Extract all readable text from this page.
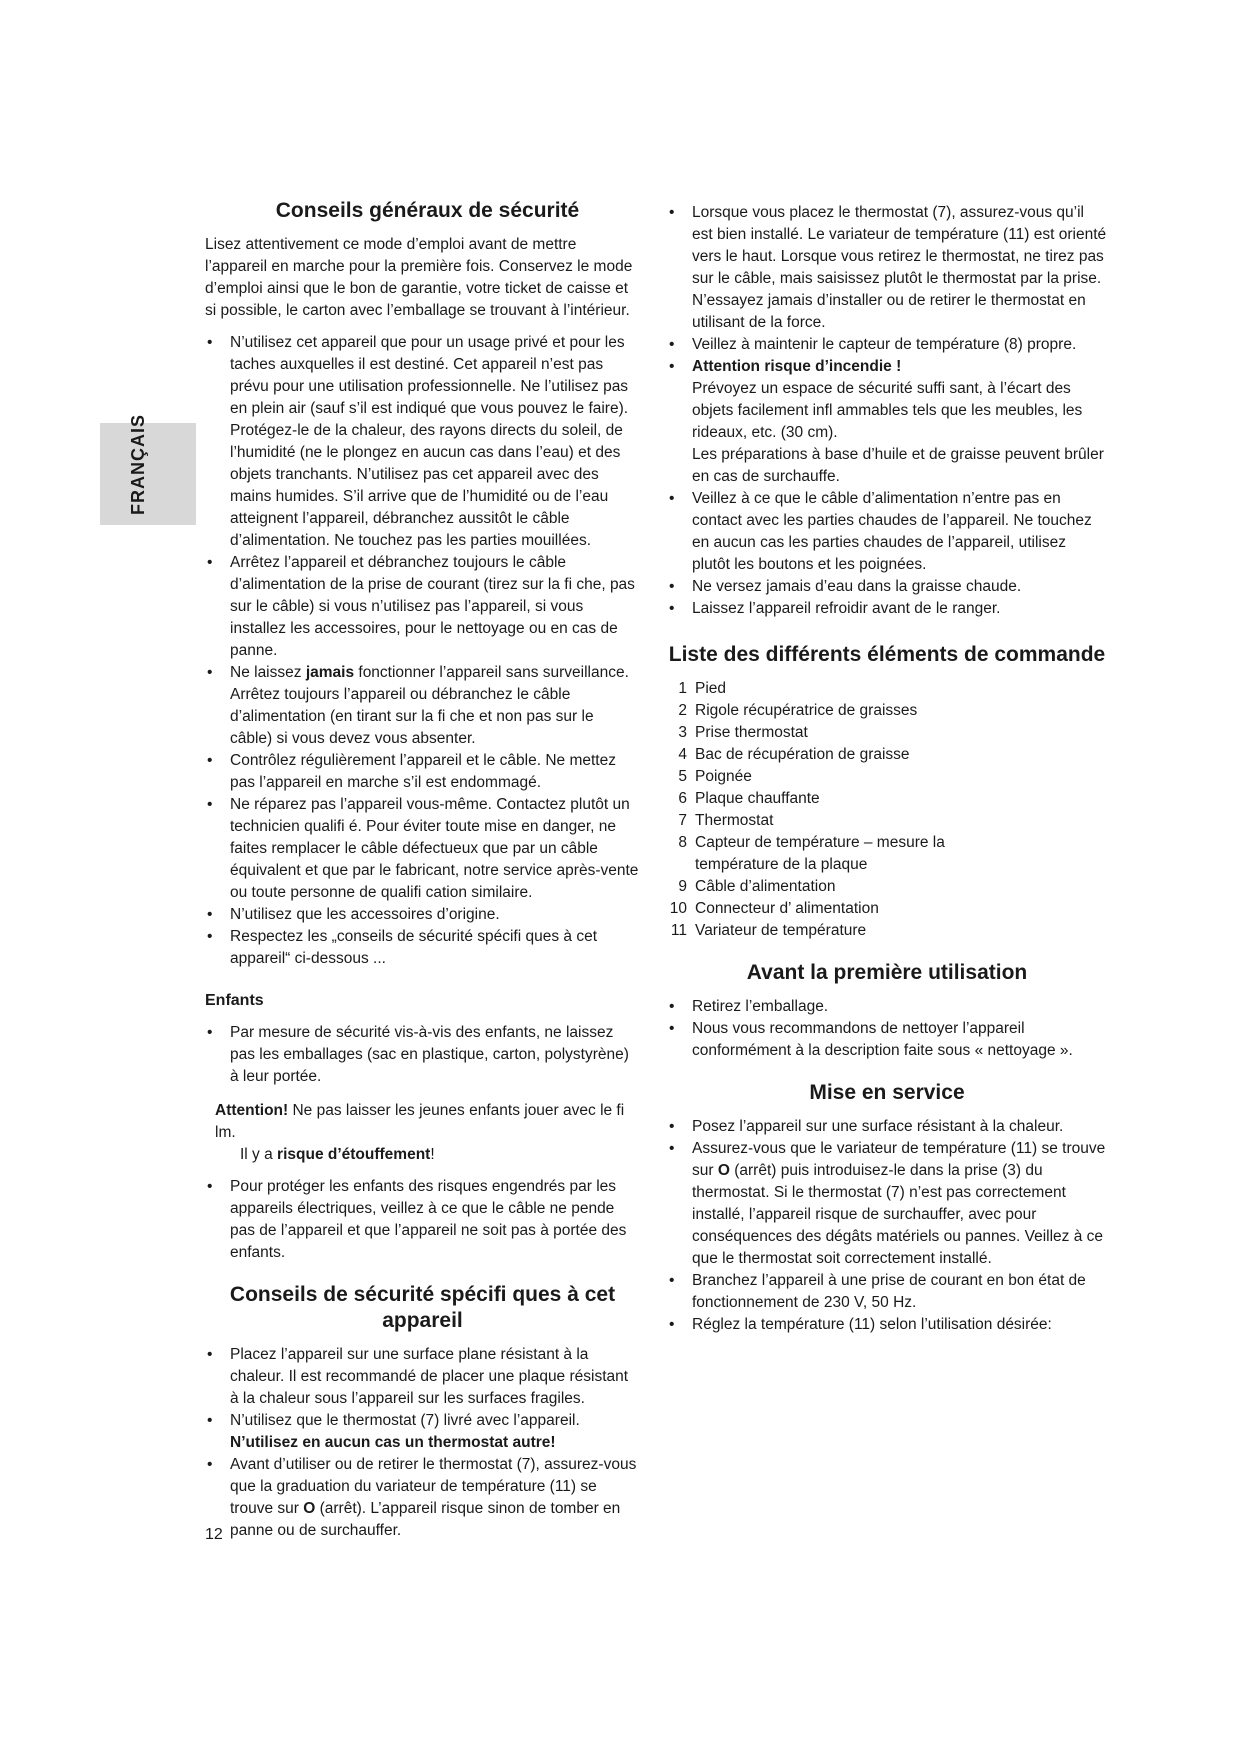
FRANÇAIS
Conseils généraux de sécurité

Lisez attentivement ce mode d’emploi avant de mettre l’appareil en marche pour la première fois. Conservez le mode d’emploi ainsi que le bon de garantie, votre ticket de caisse et si possible, le carton avec l’emballage se trouvant à l’intérieur.

• N’utilisez cet appareil que pour un usage privé et pour les taches auxquelles il est destiné. Cet appareil n’est pas prévu pour une utilisation professionnelle. Ne l’utilisez pas en plein air (sauf s’il est indiqué que vous pouvez le faire). Protégez-le de la chaleur, des rayons directs du soleil, de l’humidité (ne le plongez en aucun cas dans l’eau) et des objets tranchants. N’utilisez pas cet appareil avec des mains humides. S’il arrive que de l’humidité ou de l’eau atteignent l’appareil, débranchez aussitôt le câble d’alimentation. Ne touchez pas les parties mouillées.
• Arrêtez l’appareil et débranchez toujours le câble d’alimentation de la prise de courant (tirez sur la fi che, pas sur le câble) si vous n’utilisez pas l’appareil, si vous installez les accessoires, pour le nettoyage ou en cas de panne.
• Ne laissez jamais fonctionner l’appareil sans surveillance. Arrêtez toujours l’appareil ou débranchez le câble d’alimentation (en tirant sur la fi che et non pas sur le câble) si vous devez vous absenter.
• Contrôlez régulièrement l’appareil et le câble. Ne mettez pas l’appareil en marche s’il est endommagé.
• Ne réparez pas l’appareil vous-même. Contactez plutôt un technicien qualifi é. Pour éviter toute mise en danger, ne faites remplacer le câble défectueux que par un câble équivalent et que par le fabricant, notre service après-vente ou toute personne de qualifi cation similaire.
• N’utilisez que les accessoires d’origine.
• Respectez les „conseils de sécurité spécifi ques à cet appareil“ ci-dessous ...
Enfants
• Par mesure de sécurité vis-à-vis des enfants, ne laissez pas les emballages (sac en plastique, carton, polystyrène) à leur portée.
Attention! Ne pas laisser les jeunes enfants jouer avec le fi lm.
Il y a risque d’étouffement!
• Pour protéger les enfants des risques engendrés par les appareils électriques, veillez à ce que le câble ne pende pas de l’appareil et que l’appareil ne soit pas à portée des enfants.
Conseils de sécurité spécifi ques à cet appareil
• Placez l’appareil sur une surface plane résistant à la chaleur. Il est recommandé de placer une plaque résistant à la chaleur sous l’appareil sur les surfaces fragiles.
• N’utilisez que le thermostat (7) livré avec l’appareil.
N’utilisez en aucun cas un thermostat autre!
• Avant d’utiliser ou de retirer le thermostat (7), assurez-vous que la graduation du variateur de température (11) se trouve sur O (arrêt). L’appareil risque sinon de tomber en panne ou de surchauffer.
• Lorsque vous placez le thermostat (7), assurez-vous qu’il est bien installé. Le variateur de température (11) est orienté vers le haut. Lorsque vous retirez le thermostat, ne tirez pas sur le câble, mais saisissez plutôt le thermostat par la prise. N’essayez jamais d’installer ou de retirer le thermostat en utilisant de la force.
• Veillez à maintenir le capteur de température (8) propre.
• Attention risque d’incendie !
Prévoyez un espace de sécurité suffi sant, à l’écart des objets facilement infl ammables tels que les meubles, les rideaux, etc. (30 cm).
Les préparations à base d’huile et de graisse peuvent brûler en cas de surchauffe.
• Veillez à ce que le câble d’alimentation n’entre pas en contact avec les parties chaudes de l’appareil. Ne touchez en aucun cas les parties chaudes de l’appareil, utilisez plutôt les boutons et les poignées.
• Ne versez jamais d’eau dans la graisse chaude.
• Laissez l’appareil refroidir avant de le ranger.
Liste des différents éléments de commande
1 Pied
2 Rigole récupératrice de graisses
3 Prise thermostat
4 Bac de récupération de graisse
5 Poignée
6 Plaque chauffante
7 Thermostat
8 Capteur de température – mesure la température de la plaque
9 Câble d’alimentation
10 Connecteur d’ alimentation
11 Variateur de température
Avant la première utilisation
• Retirez l’emballage.
• Nous vous recommandons de nettoyer l’appareil conformément à la description faite sous « nettoyage ».
Mise en service
• Posez l’appareil sur une surface résistant à la chaleur.
• Assurez-vous que le variateur de température (11) se trouve sur O (arrêt) puis introduisez-le dans la prise (3) du thermostat. Si le thermostat (7) n’est pas correctement installé, l’appareil risque de surchauffer, avec pour conséquences des dégâts matériels ou pannes. Veillez à ce que le thermostat soit correctement installé.
• Branchez l’appareil à une prise de courant en bon état de fonctionnement de 230 V, 50 Hz.
• Réglez la température (11) selon l’utilisation désirée:
12
